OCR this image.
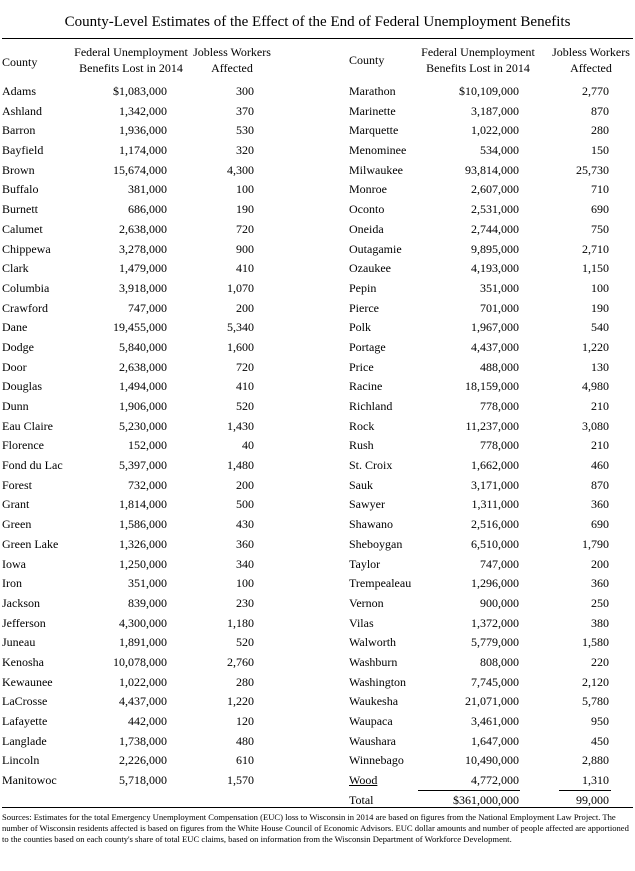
County-Level Estimates of the Effect of the End of Federal Unemployment Benefits
County
Federal Unemployment
Benefits Lost in 2014
Jobless Workers
Affected
Adams	$1,083,000	300
Ashland	1,342,000	370
Barron	1,936,000	530
Bayfield	1,174,000	320
Brown	15,674,000	4,300
Buffalo	381,000	100
Burnett	686,000	190
Calumet	2,638,000	720
Chippewa	3,278,000	900
Clark	1,479,000	410
Columbia	3,918,000	1,070
Crawford	747,000	200
Dane	19,455,000	5,340
Dodge	5,840,000	1,600
Door	2,638,000	720
Douglas	1,494,000	410
Dunn	1,906,000	520
Eau Claire	5,230,000	1,430
Florence	152,000	40
Fond du Lac	5,397,000	1,480
Forest	732,000	200
Grant	1,814,000	500
Green	1,586,000	430
Green Lake	1,326,000	360
Iowa	1,250,000	340
Iron	351,000	100
Jackson	839,000	230
Jefferson	4,300,000	1,180
Juneau	1,891,000	520
Kenosha	10,078,000	2,760
Kewaunee	1,022,000	280
LaCrosse	4,437,000	1,220
Lafayette	442,000	120
Langlade	1,738,000	480
Lincoln	2,226,000	610
Manitowoc	5,718,000	1,570
County
Federal Unemployment
Benefits Lost in 2014
Jobless Workers
Affected
Marathon	$10,109,000	2,770
Marinette	3,187,000	870
Marquette	1,022,000	280
Menominee	534,000	150
Milwaukee	93,814,000	25,730
Monroe	2,607,000	710
Oconto	2,531,000	690
Oneida	2,744,000	750
Outagamie	9,895,000	2,710
Ozaukee	4,193,000	1,150
Pepin	351,000	100
Pierce	701,000	190
Polk	1,967,000	540
Portage	4,437,000	1,220
Price	488,000	130
Racine	18,159,000	4,980
Richland	778,000	210
Rock	11,237,000	3,080
Rush	778,000	210
St. Croix	1,662,000	460
Sauk	3,171,000	870
Sawyer	1,311,000	360
Shawano	2,516,000	690
Sheboygan	6,510,000	1,790
Taylor	747,000	200
Trempealeau	1,296,000	360
Vernon	900,000	250
Vilas	1,372,000	380
Walworth	5,779,000	1,580
Washburn	808,000	220
Washington	7,745,000	2,120
Waukesha	21,071,000	5,780
Waupaca	3,461,000	950
Waushara	1,647,000	450
Winnebago	10,490,000	2,880
Wood	4,772,000	1,310
Total	$361,000,000	99,000
Sources: Estimates for the total Emergency Unemployment Compensation (EUC) loss to Wisconsin in 2014 are based on figures from the National Employment Law Project. The number of Wisconsin residents affected is based on figures from the White House Council of Economic Advisors. EUC dollar amounts and number of people affected are apportioned to the counties based on each county's share of total EUC claims, based on information from the Wisconsin Department of Workforce Development.
